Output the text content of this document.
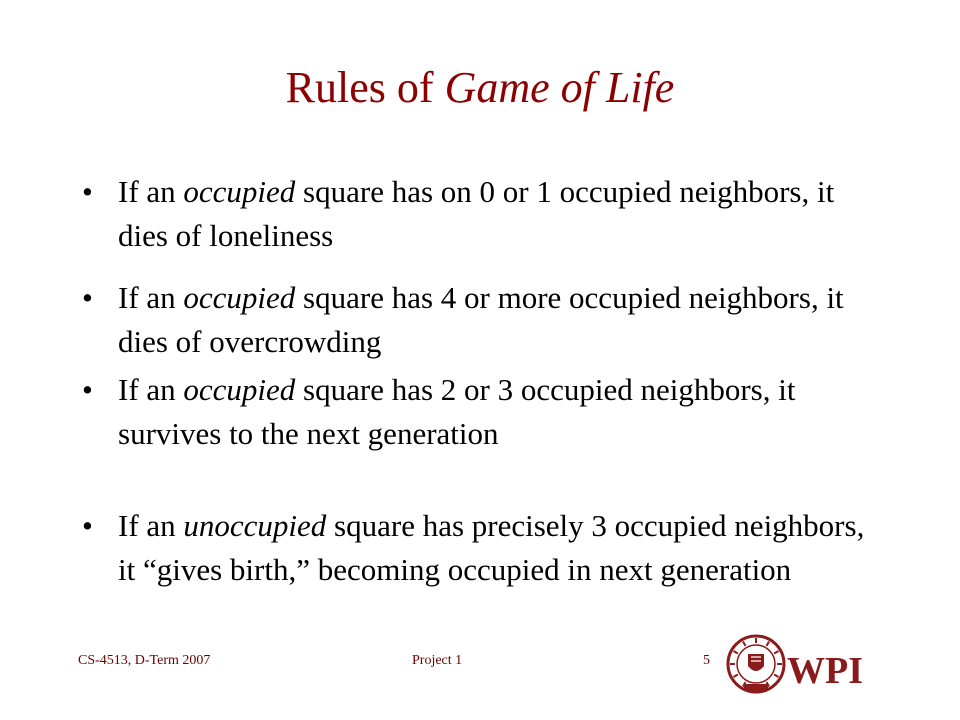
Rules of Game of Life
• If an occupied square has on 0 or 1 occupied neighbors, it dies of loneliness
• If an occupied square has 4 or more occupied neighbors, it dies of overcrowding
• If an occupied square has 2 or 3 occupied neighbors, it survives to the next generation
• If an unoccupied square has precisely 3 occupied neighbors, it “gives birth,” becoming occupied in next generation
CS-4513, D-Term 2007	Project 1	5 WPI
